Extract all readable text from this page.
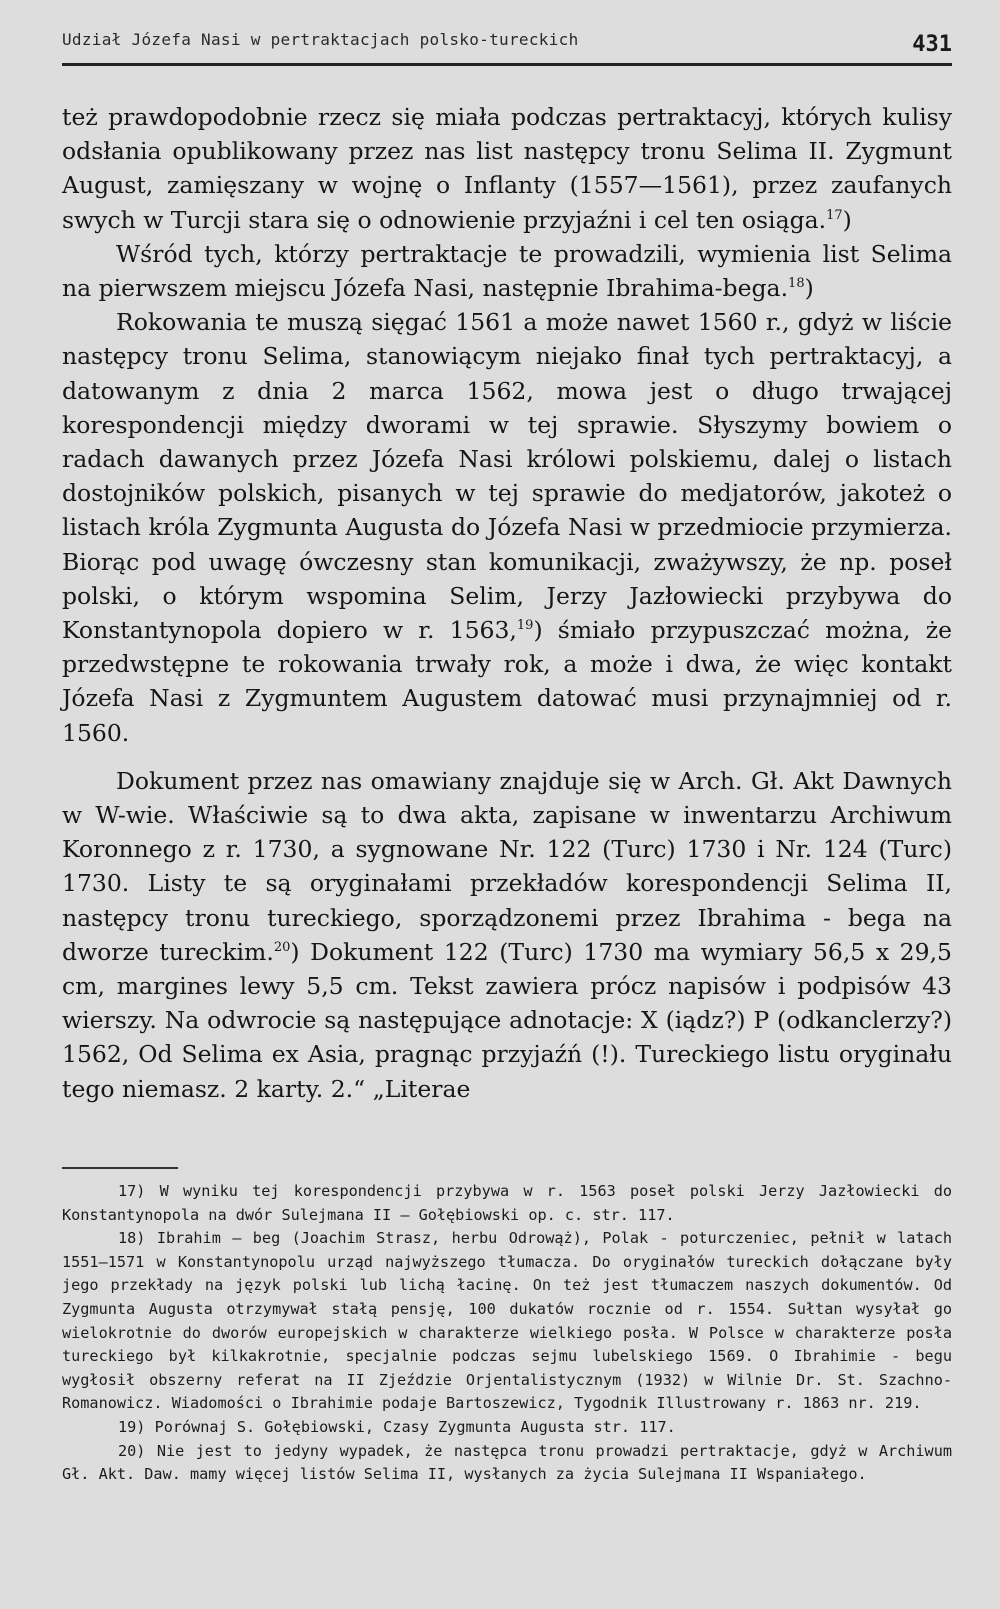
Udział Józefa Nasi w pertraktacjach polsko-tureckich	431

też prawdopodobnie rzecz się miała podczas pertraktacyj, których kulisy odsłania opublikowany przez nas list następcy tronu Selima II. Zygmunt August, zamięszany w wojnę o Inflanty (1557—1561), przez zaufanych swych w Turcji stara się o odnowienie przyjaźni i cel ten osiąga.$^{17}$)

Wśród tych, którzy pertraktacje te prowadzili, wymienia list Selima na pierwszem miejscu Józefa Nasi, następnie Ibrahima-bega.$^{18}$)

Rokowania te muszą sięgać 1561 a może nawet 1560 r., gdyż w liście następcy tronu Selima, stanowiącym niejako finał tych pertraktacyj, a datowanym z dnia 2 marca 1562, mowa jest o długo trwającej korespondencji między dworami w tej sprawie. Słyszymy bowiem o radach dawanych przez Józefa Nasi królowi polskiemu, dalej o listach dostojników polskich, pisanych w tej sprawie do medjatorów, jakoteż o listach króla Zygmunta Augusta do Józefa Nasi w przedmiocie przymierza. Biorąc pod uwagę ówczesny stan komunikacji, zważywszy, że np. poseł polski, o którym wspomina Selim, Jerzy Jazłowiecki przybywa do Konstantynopola dopiero w r. 1563,19) śmiało przypuszczać można, że przedwstępne te rokowania trwały rok, a może i dwa, że więc kontakt Józefa Nasi z Zygmuntem Augustem datować musi przynajmniej od r. 1560.

Dokument przez nas omawiany znajduje się w Arch. Gł. Akt Dawnych w W-wie. Właściwie są to dwa akta, zapisane w inwentarzu Archiwum Koronnego z r. 1730, a sygnowane Nr. 122 (Turc) 1730 i Nr. 124 (Turc) 1730. Listy te są oryginałami przekładów korespondencji Selima II, następcy tronu tureckiego, sporządzonemi przez Ibrahima - bega na dworze tureckim.$^{20}$) Dokument 122 (Turc) 1730 ma wymiary 56,5 x 29,5 cm, margines lewy 5,5 cm. Tekst zawiera prócz napisów i podpisów 43 wierszy. Na odwrocie są następujące adnotacje: X (iądz?) P (odkanclerzy?) 1562, Od Selima ex Asia, pragnąc przyjaźń (!). Tureckiego listu oryginału tego niemasz. 2 karty. 2.“ „Literae

17) W wyniku tej korespondencji przybywa w r. 1563 poseł polski Jerzy Jazłowiecki do Konstantynopola na dwór Sulejmana II — Gołębiowski op. c. str. 117.

18) Ibrahim — beg (Joachim Strasz, herbu Odrowąż), Polak - poturczeniec, pełnił w latach 1551—1571 w Konstantynopolu urząd najwyższego tłumacza. Do oryginałów tureckich dołączane były jego przekłady na język polski lub lichą łacinę. On też jest tłumaczem naszych dokumentów. Od Zygmunta Augusta otrzymywał stałą pensję, 100 dukatów rocznie od r. 1554. Sułtan wysyłał go wielokrotnie do dworów europejskich w charakterze wielkiego posła. W Polsce w charakterze posła tureckiego był kilkakrotnie, specjalnie podczas sejmu lubelskiego 1569. O Ibrahimie - begu wygłosił obszerny referat na II Zjeździe Orjentalistycznym (1932) w Wilnie Dr. St. Szachno-Romanowicz. Wiadomości o Ibrahimie podaje Bartoszewicz, Tygodnik Illustrowany r. 1863 nr. 219.

19) Porównaj S. Gołębiowski, Czasy Zygmunta Augusta str. 117.

20) Nie jest to jedyny wypadek, że następca tronu prowadzi pertraktacje, gdyż w Archiwum Gł. Akt. Daw. mamy więcej listów Selima II, wysłanych za życia Sulejmana II Wspaniałego.
